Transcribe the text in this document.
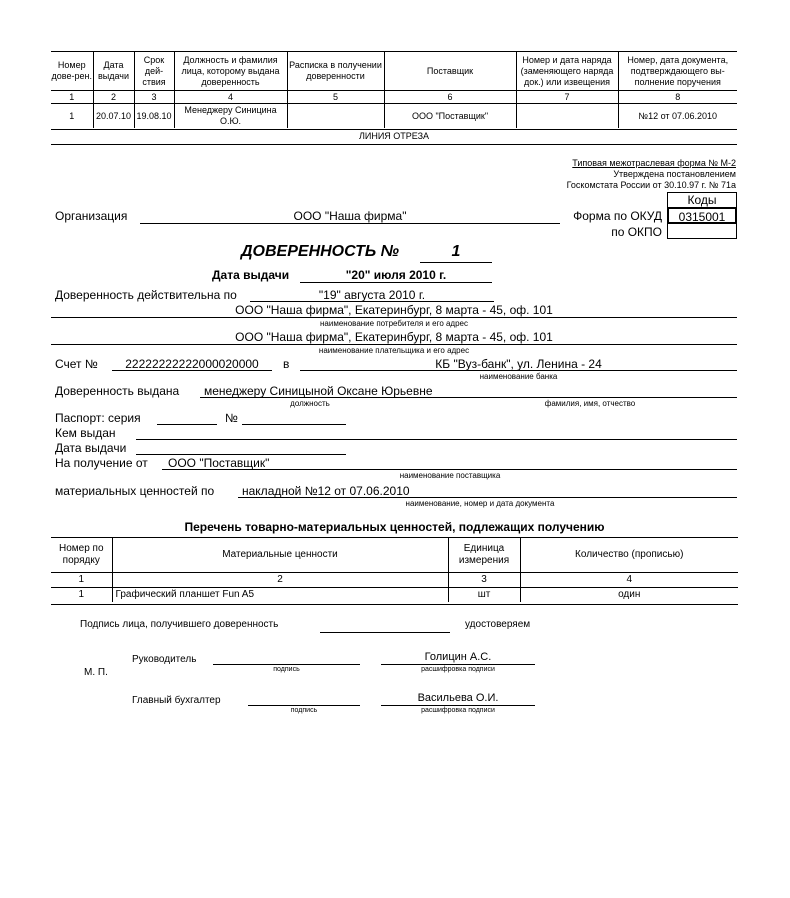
Номер дове-рен.	Дата выдачи	Срок дей-ствия	Должность и фамилия лица, которому выдана доверенность	Расписка в получении доверенности	Поставщик	Номер и дата наряда (заменяющего наряда док.) или извещения	Номер, дата документа, подтверждающего вы-полнение поручения
1	2	3	4	5	6	7	8
1	20.07.10	19.08.10	Менеджеру Синицина О.Ю.		ООО "Поставщик"		№12 от 07.06.2010
ЛИНИЯ ОТРЕЗА
Типовая межотраслевая форма № М-2
Утверждена постановлением
Госкомстата России от 30.10.97 г. № 71а
Коды
0315001
Форма по ОКУД
по ОКПО
Организация	ООО "Наша фирма"
ДОВЕРЕННОСТЬ №	1
Дата выдачи	"20" июля 2010 г.
Доверенность действительна по	"19" августа 2010 г.
ООО "Наша фирма", Екатеринбург, 8 марта - 45, оф. 101
наименование потребителя и его адрес
ООО "Наша фирма", Екатеринбург, 8 марта - 45, оф. 101
наименование плательщика и его адрес
Счет №	22222222222000020000	в	КБ "Вуз-банк", ул. Ленина - 24
наименование банка
Доверенность выдана менеджеру Синицыной Оксане Юрьевне
должность	фамилия, имя, отчество
Паспорт: серия	№
Кем выдан
Дата выдачи
На получение от ООО "Поставщик"
наименование поставщика
материальных ценностей по накладной №12 от 07.06.2010
наименование, номер и дата документа
Перечень товарно-материальных ценностей, подлежащих получению
Номер по порядку	Материальные ценности	Единица измерения	Количество (прописью)
1	2	3	4
1	Графический планшет Fun A5	шт	один
Подпись лица, получившего доверенность	удостоверяем
М. П.
Руководитель
подпись
Голицин А.С.
расшифровка подписи
Главный бухгалтер
подпись
Васильева О.И.
расшифровка подписи
